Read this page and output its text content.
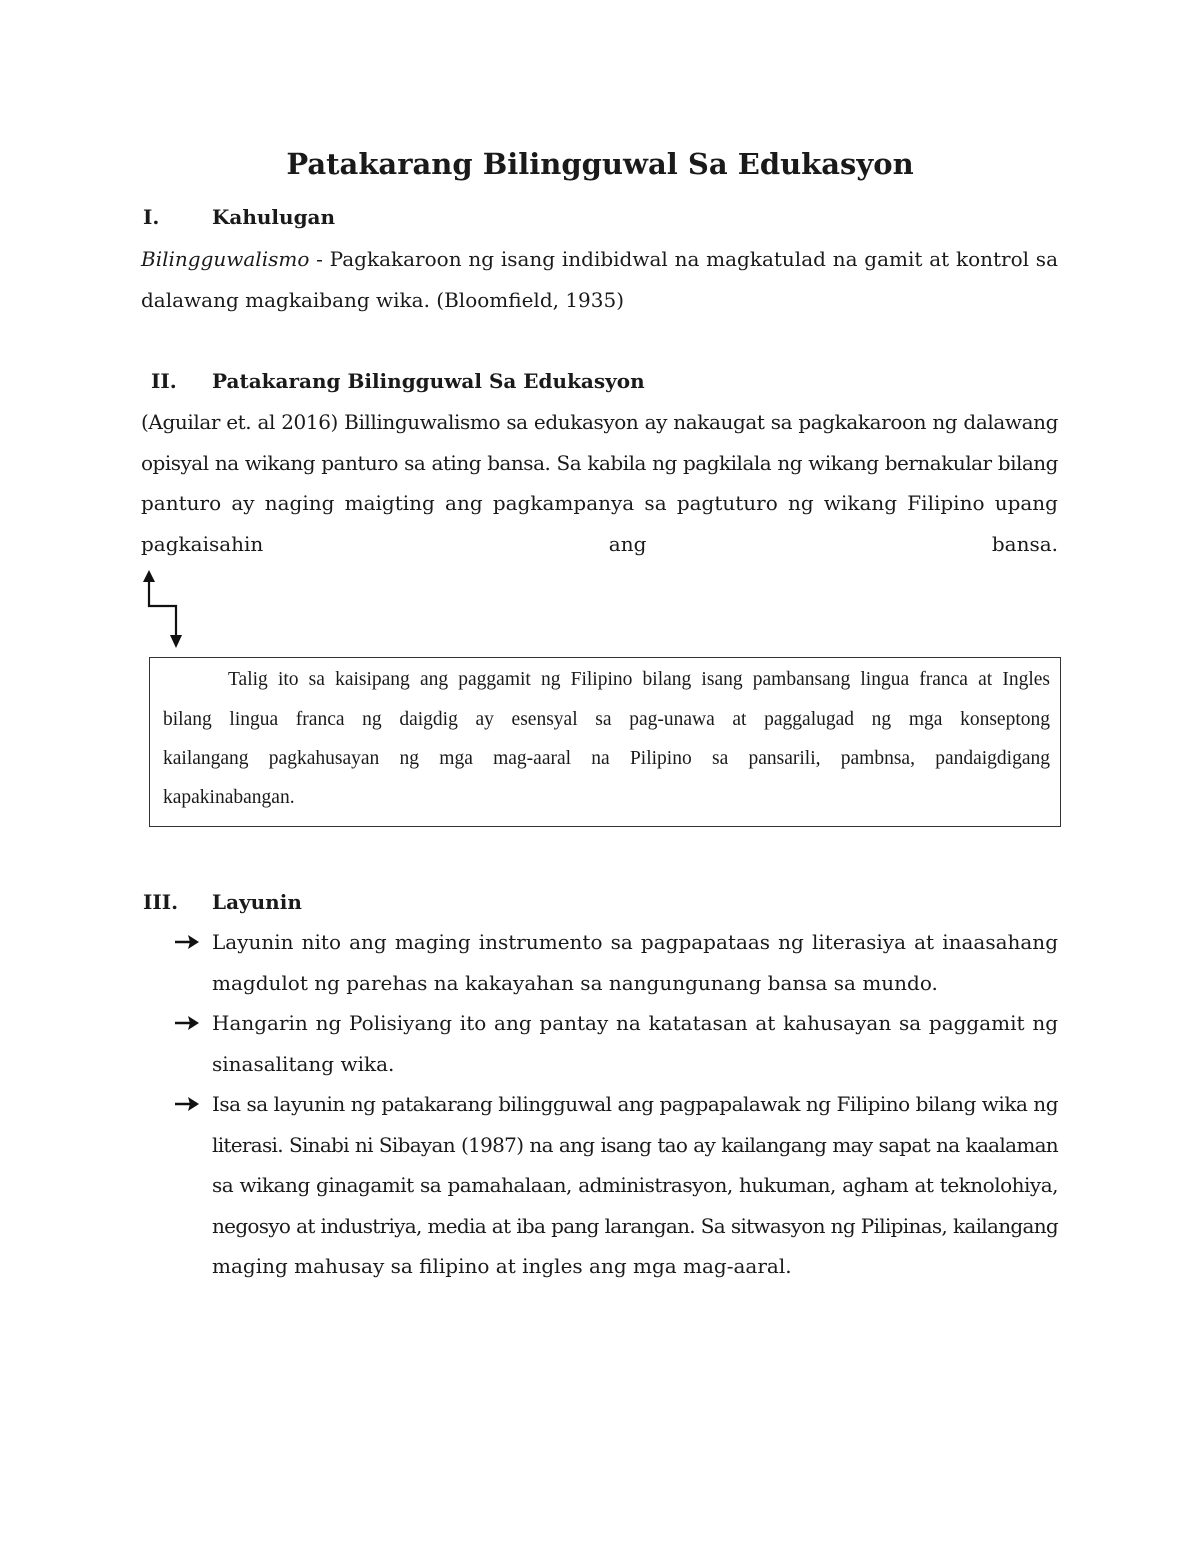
Patakarang Bilingguwal Sa Edukasyon
I.	Kahulugan
Bilingguwalismo - Pagkakaroon ng isang indibidwal na magkatulad na gamit at kontrol sa
dalawang magkaibang wika. (Bloomfield, 1935)
II. Patakarang Bilingguwal Sa Edukasyon
(Aguilar et. al 2016) Billinguwalismo sa edukasyon ay nakaugat sa pagkakaroon ng dalawang
opisyal na wikang panturo sa ating bansa. Sa kabila ng pagkilala ng wikang bernakular bilang
panturo ay naging maigting ang pagkampanya sa pagtuturo ng wikang Filipino upang
pagkaisahin ang bansa.
Talig ito sa kaisipang ang paggamit ng Filipino bilang isang pambansang lingua franca at Ingles
bilang lingua franca ng daigdig ay esensyal sa pag-unawa at paggalugad ng mga konseptong
kailangang pagkahusayan ng mga mag-aaral na Pilipino sa pansarili, pambnsa, pandaigdigang
kapakinabangan.
III. Layunin
Layunin nito ang maging instrumento sa pagpapataas ng literasiya at inaasahang
magdulot ng parehas na kakayahan sa nangungunang bansa sa mundo.
Hangarin ng Polisiyang ito ang pantay na katatasan at kahusayan sa paggamit ng
sinasalitang wika.
Isa sa layunin ng patakarang bilingguwal ang pagpapalawak ng Filipino bilang wika ng
literasi. Sinabi ni Sibayan (1987) na ang isang tao ay kailangang may sapat na kaalaman
sa wikang ginagamit sa pamahalaan, administrasyon, hukuman, agham at teknolohiya,
negosyo at industriya, media at iba pang larangan. Sa sitwasyon ng Pilipinas, kailangang
maging mahusay sa filipino at ingles ang mga mag-aaral.
